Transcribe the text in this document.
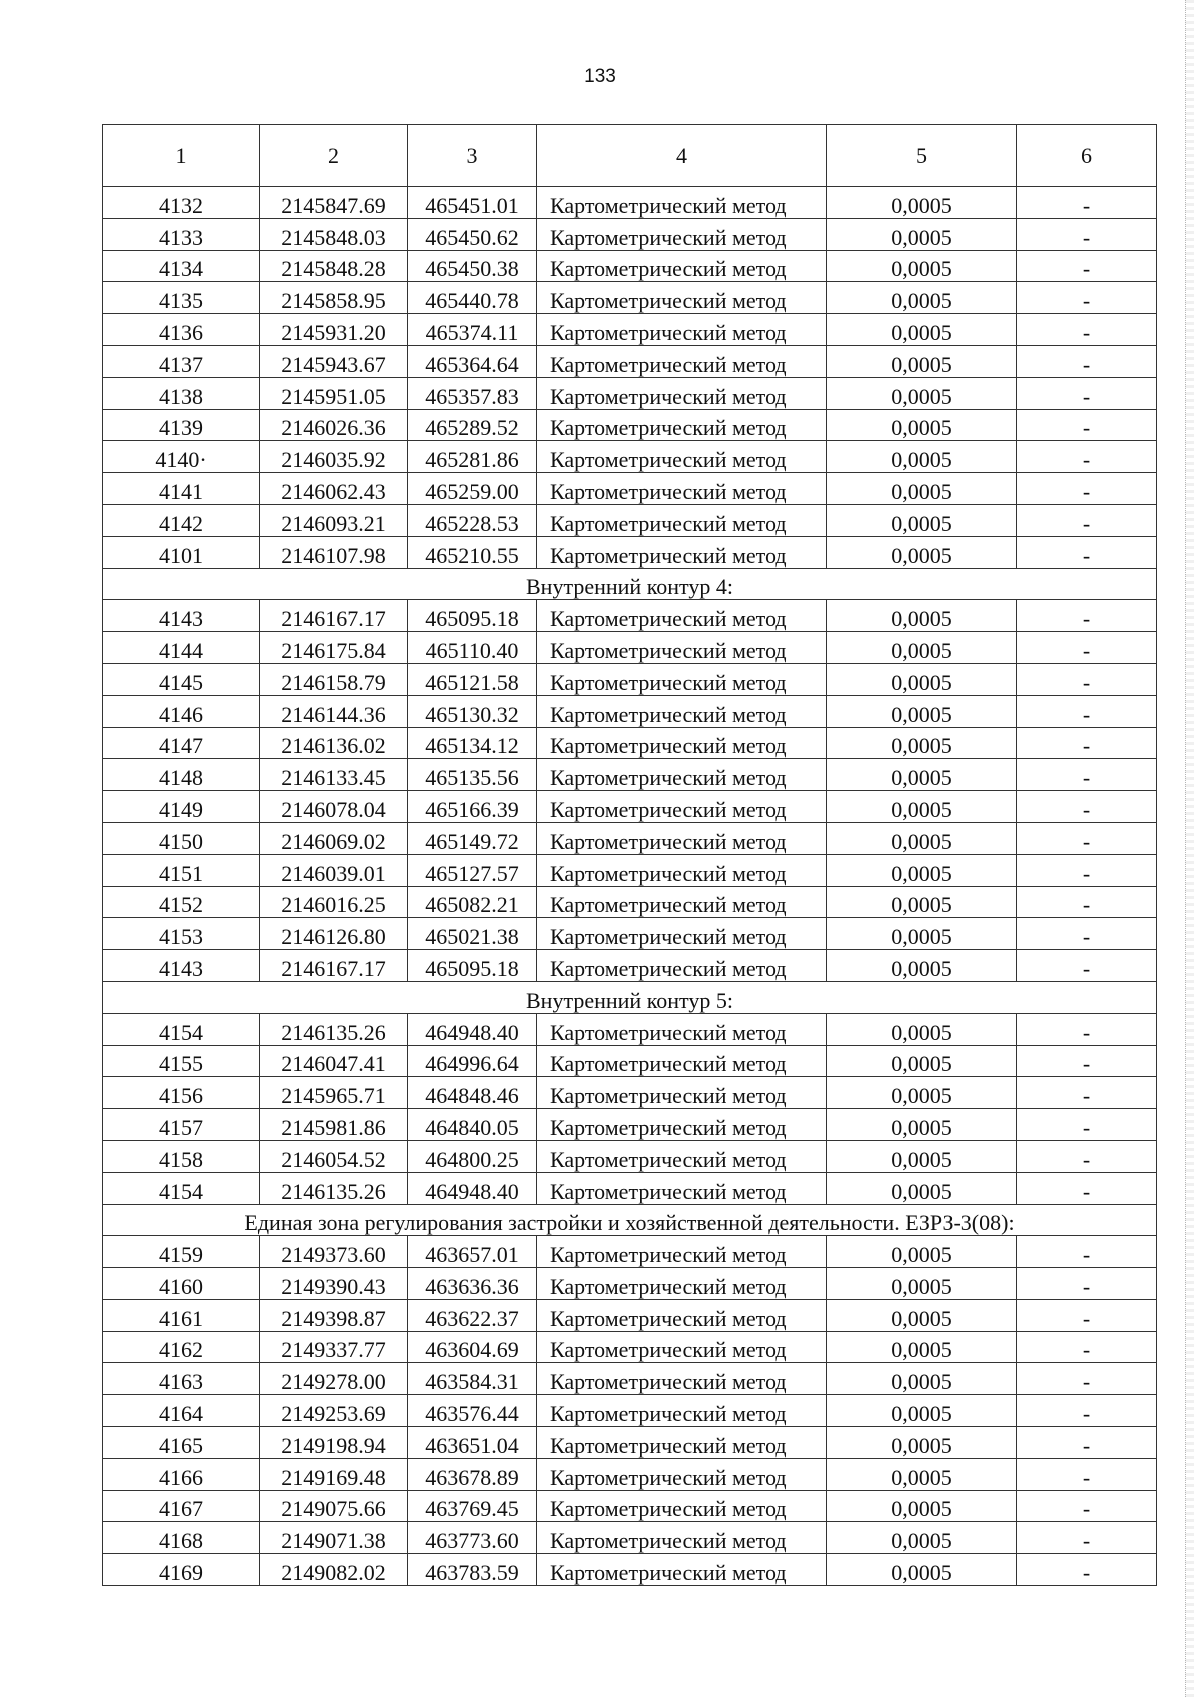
133
1	2	3	4	5	6
4132	2145847.69	465451.01	Картометрический метод	0,0005	-
4133	2145848.03	465450.62	Картометрический метод	0,0005	-
4134	2145848.28	465450.38	Картометрический метод	0,0005	-
4135	2145858.95	465440.78	Картометрический метод	0,0005	-
4136	2145931.20	465374.11	Картометрический метод	0,0005	-
4137	2145943.67	465364.64	Картометрический метод	0,0005	-
4138	2145951.05	465357.83	Картометрический метод	0,0005	-
4139	2146026.36	465289.52	Картометрический метод	0,0005	-
4140·	2146035.92	465281.86	Картометрический метод	0,0005	-
4141	2146062.43	465259.00	Картометрический метод	0,0005	-
4142	2146093.21	465228.53	Картометрический метод	0,0005	-
4101	2146107.98	465210.55	Картометрический метод	0,0005	-
Внутренний контур 4:					
4143	2146167.17	465095.18	Картометрический метод	0,0005	-
4144	2146175.84	465110.40	Картометрический метод	0,0005	-
4145	2146158.79	465121.58	Картометрический метод	0,0005	-
4146	2146144.36	465130.32	Картометрический метод	0,0005	-
4147	2146136.02	465134.12	Картометрический метод	0,0005	-
4148	2146133.45	465135.56	Картометрический метод	0,0005	-
4149	2146078.04	465166.39	Картометрический метод	0,0005	-
4150	2146069.02	465149.72	Картометрический метод	0,0005	-
4151	2146039.01	465127.57	Картометрический метод	0,0005	-
4152	2146016.25	465082.21	Картометрический метод	0,0005	-
4153	2146126.80	465021.38	Картометрический метод	0,0005	-
4143	2146167.17	465095.18	Картометрический метод	0,0005	-
Внутренний контур 5:					
4154	2146135.26	464948.40	Картометрический метод	0,0005	-
4155	2146047.41	464996.64	Картометрический метод	0,0005	-
4156	2145965.71	464848.46	Картометрический метод	0,0005	-
4157	2145981.86	464840.05	Картометрический метод	0,0005	-
4158	2146054.52	464800.25	Картометрический метод	0,0005	-
4154	2146135.26	464948.40	Картометрический метод	0,0005	-
Единая зона регулирования застройки и хозяйственной деятельности. ЕЗРЗ-3(08):					
4159	2149373.60	463657.01	Картометрический метод	0,0005	-
4160	2149390.43	463636.36	Картометрический метод	0,0005	-
4161	2149398.87	463622.37	Картометрический метод	0,0005	-
4162	2149337.77	463604.69	Картометрический метод	0,0005	-
4163	2149278.00	463584.31	Картометрический метод	0,0005	-
4164	2149253.69	463576.44	Картометрический метод	0,0005	-
4165	2149198.94	463651.04	Картометрический метод	0,0005	-
4166	2149169.48	463678.89	Картометрический метод	0,0005	-
4167	2149075.66	463769.45	Картометрический метод	0,0005	-
4168	2149071.38	463773.60	Картометрический метод	0,0005	-
4169	2149082.02	463783.59	Картометрический метод	0,0005	-
